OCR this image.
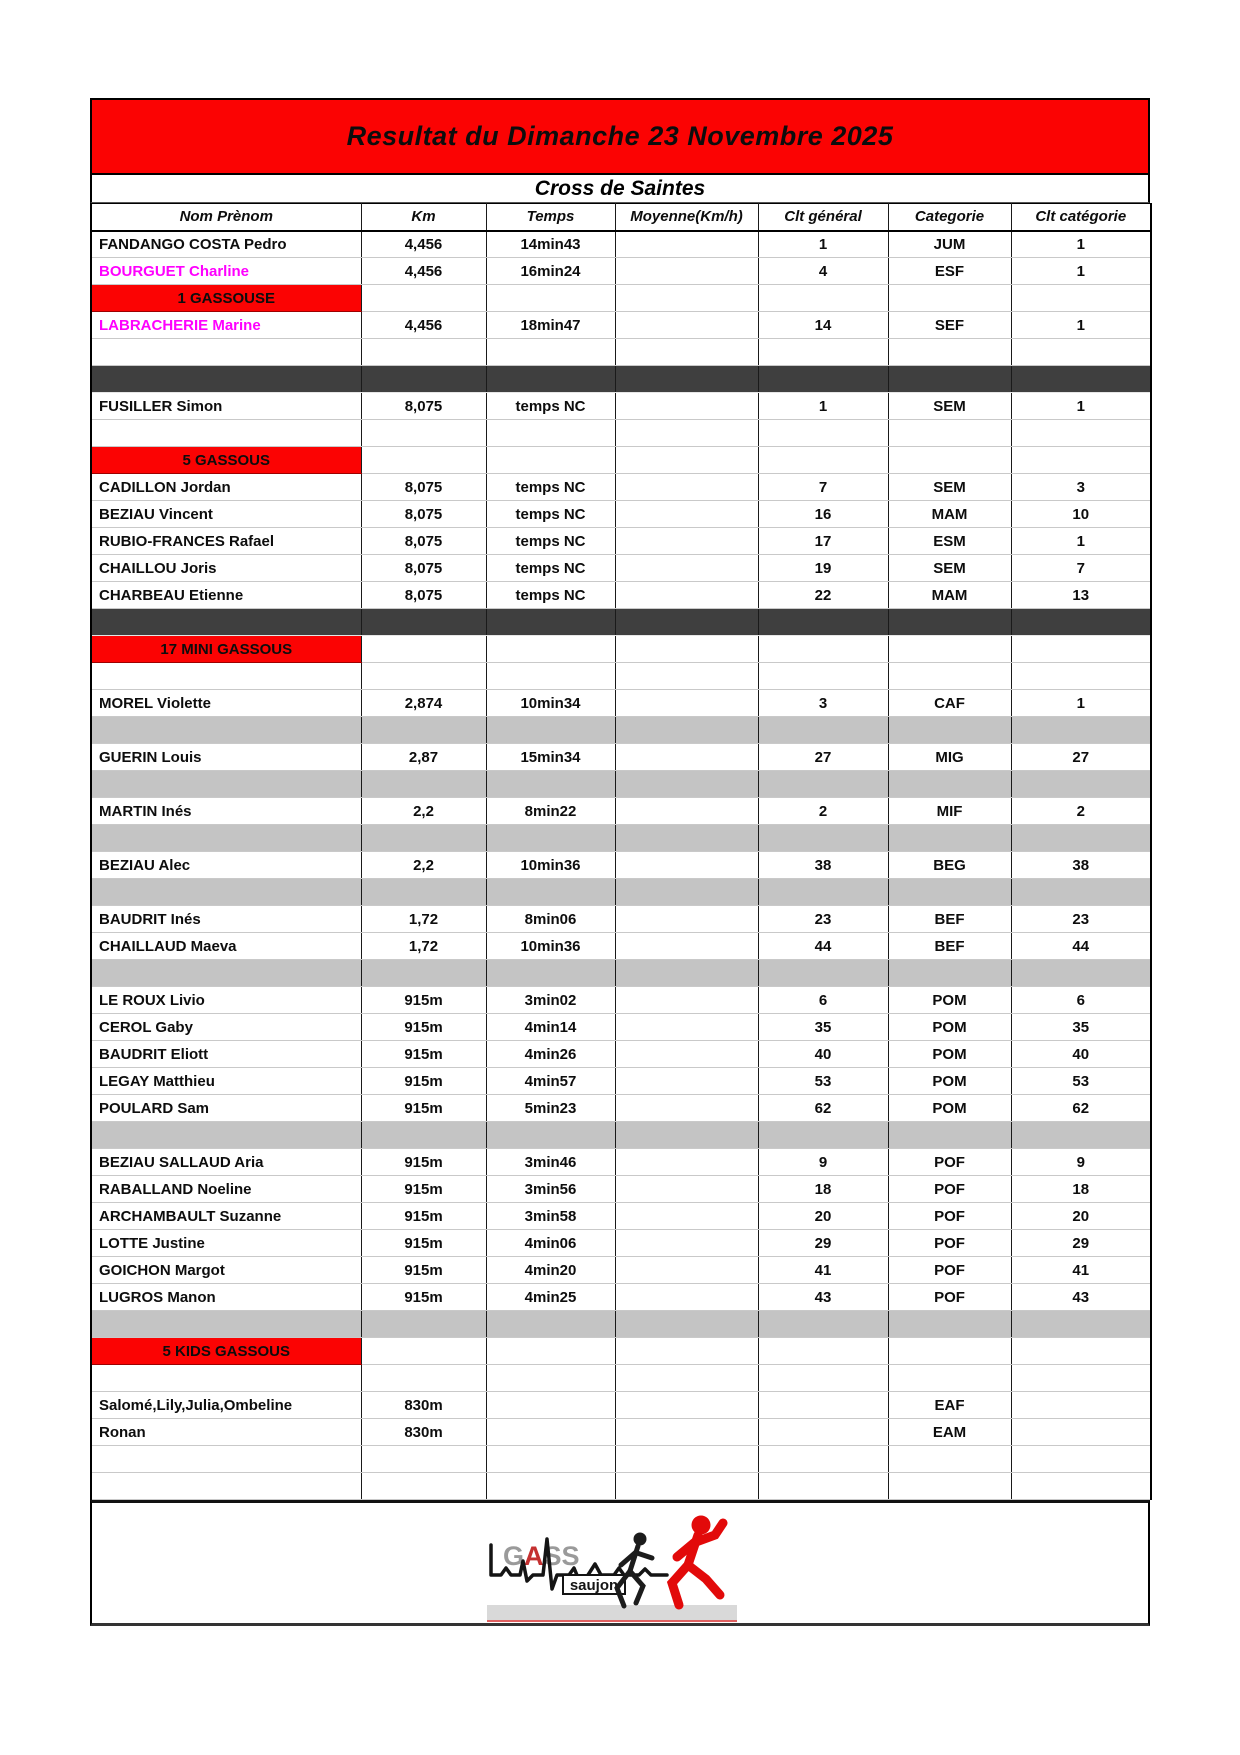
Resultat du Dimanche 23 Novembre 2025
Cross de Saintes
Nom Prènom	Km	Temps	Moyenne(Km/h)	Clt général	Categorie	Clt catégorie
FANDANGO COSTA Pedro	4,456	14min43		1	JUM	1
BOURGUET Charline	4,456	16min24		4	ESF	1
1 GASSOUSE						
LABRACHERIE Marine	4,456	18min47		14	SEF	1

FUSILLER Simon	8,075	temps NC		1	SEM	1

5 GASSOUS						
CADILLON Jordan	8,075	temps NC		7	SEM	3
BEZIAU Vincent	8,075	temps NC		16	MAM	10
RUBIO-FRANCES Rafael	8,075	temps NC		17	ESM	1
CHAILLOU Joris	8,075	temps NC		19	SEM	7
CHARBEAU Etienne	8,075	temps NC		22	MAM	13

17 MINI GASSOUS						

MOREL Violette	2,874	10min34		3	CAF	1

GUERIN Louis	2,87	15min34		27	MIG	27

MARTIN Inés	2,2	8min22		2	MIF	2

BEZIAU Alec	2,2	10min36		38	BEG	38

BAUDRIT Inés	1,72	8min06		23	BEF	23
CHAILLAUD Maeva	1,72	10min36		44	BEF	44

LE ROUX Livio	915m	3min02		6	POM	6
CEROL Gaby	915m	4min14		35	POM	35
BAUDRIT Eliott	915m	4min26		40	POM	40
LEGAY Matthieu	915m	4min57		53	POM	53
POULARD Sam	915m	5min23		62	POM	62

BEZIAU SALLAUD Aria	915m	3min46		9	POF	9
RABALLAND Noeline	915m	3min56		18	POF	18
ARCHAMBAULT Suzanne	915m	3min58		20	POF	20
LOTTE Justine	915m	4min06		29	POF	29
GOICHON Margot	915m	4min20		41	POF	41
LUGROS Manon	915m	4min25		43	POF	43

5 KIDS GASSOUS						

Salomé,Lily,Julia,Ombeline	830m				EAF	
Ronan	830m				EAM	

GASS
saujon
